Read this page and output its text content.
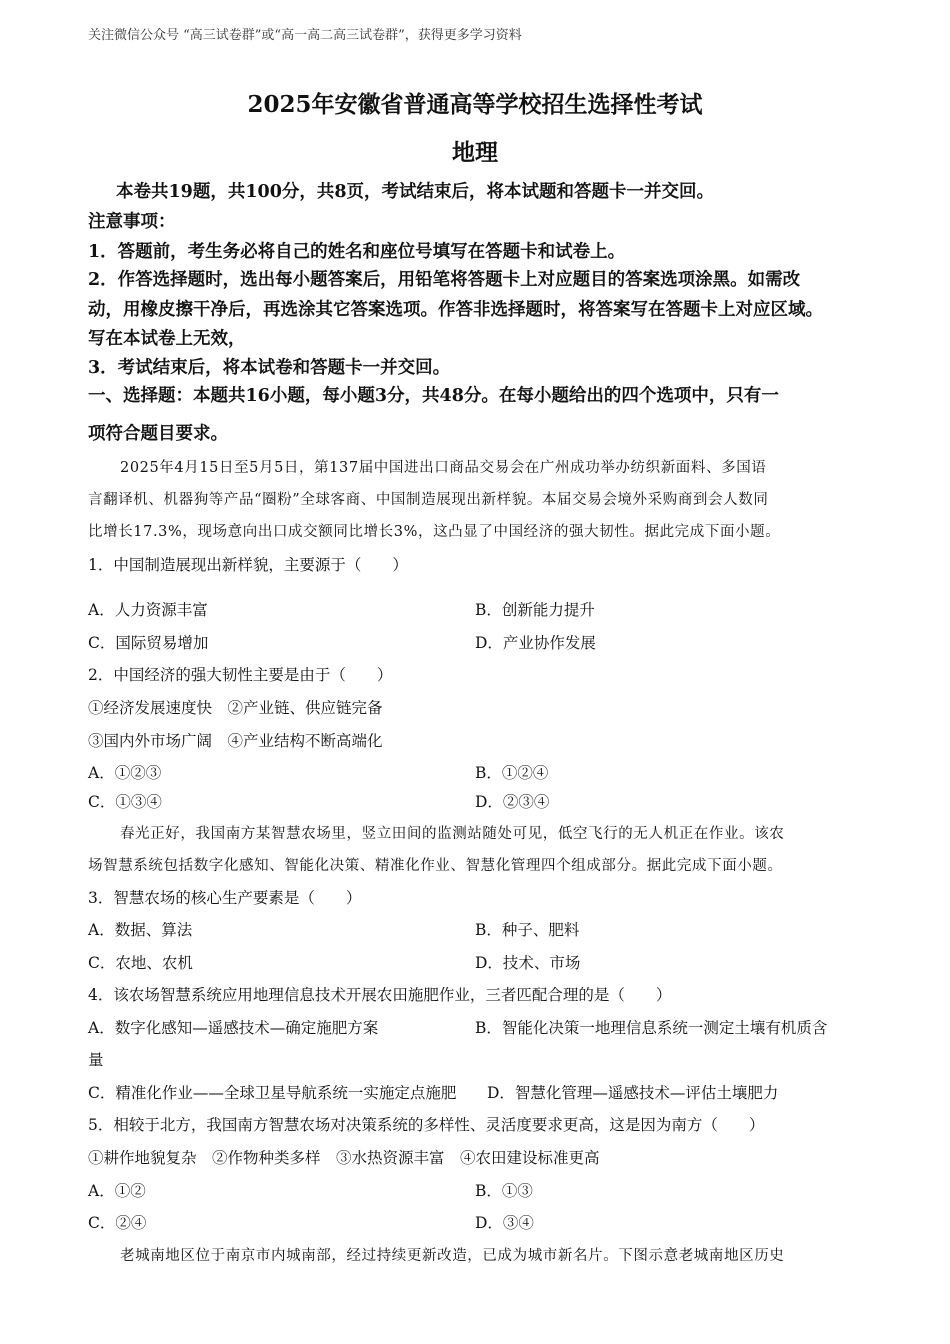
关注微信公众号 “高三试卷群”或“高一高二高三试卷群”，获得更多学习资料
2025年安徽省普通高等学校招生选择性考试
地理
本卷共19题，共100分，共8页，考试结束后，将本试题和答题卡一并交回。
注意事项：
1．答题前，考生务必将自己的姓名和座位号填写在答题卡和试卷上。
2．作答选择题时，选出每小题答案后，用铅笔将答题卡上对应题目的答案选项涂黑。如需改
动，用橡皮擦干净后，再选涂其它答案选项。作答非选择题时，将答案写在答题卡上对应区域。
写在本试卷上无效，
3．考试结束后，将本试卷和答题卡一并交回。
一、选择题：本题共16小题，每小题3分，共48分。在每小题给出的四个选项中，只有一
项符合题目要求。
2025年4月15日至5月5日，第137届中国进出口商品交易会在广州成功举办纺织新面料、多国语
言翻译机、机器狗等产品“圈粉”全球客商、中国制造展现出新样貌。本届交易会境外采购商到会人数同
比增长17.3%，现场意向出口成交额同比增长3%，这凸显了中国经济的强大韧性。据此完成下面小题。
1．中国制造展现出新样貌，主要源于（　　）
A．人力资源丰富	B．创新能力提升
C．国际贸易增加	D．产业协作发展
2．中国经济的强大韧性主要是由于（　　）
①经济发展速度快　②产业链、供应链完备
③国内外市场广阔　④产业结构不断高端化
A．①②③	B．①②④
C．①③④	D．②③④
春光正好，我国南方某智慧农场里，竖立田间的监测站随处可见，低空飞行的无人机正在作业。该农
场智慧系统包括数字化感知、智能化决策、精准化作业、智慧化管理四个组成部分。据此完成下面小题。
3．智慧农场的核心生产要素是（　　）
A．数据、算法	B．种子、肥料
C．农地、农机	D．技术、市场
4．该农场智慧系统应用地理信息技术开展农田施肥作业，三者匹配合理的是（　　）
A．数字化感知—遥感技术—确定施肥方案	B．智能化决策一地理信息系统一测定土壤有机质含
量
C．精准化作业——全球卫星导航系统一实施定点施肥 D．智慧化管理—遥感技术—评估土壤肥力
5．相较于北方，我国南方智慧农场对决策系统的多样性、灵活度要求更高，这是因为南方（　　）
①耕作地貌复杂　②作物种类多样　③水热资源丰富　④农田建设标准更高
A．①②	B．①③
C．②④	D．③④
老城南地区位于南京市内城南部，经过持续更新改造，已成为城市新名片。下图示意老城南地区历史
